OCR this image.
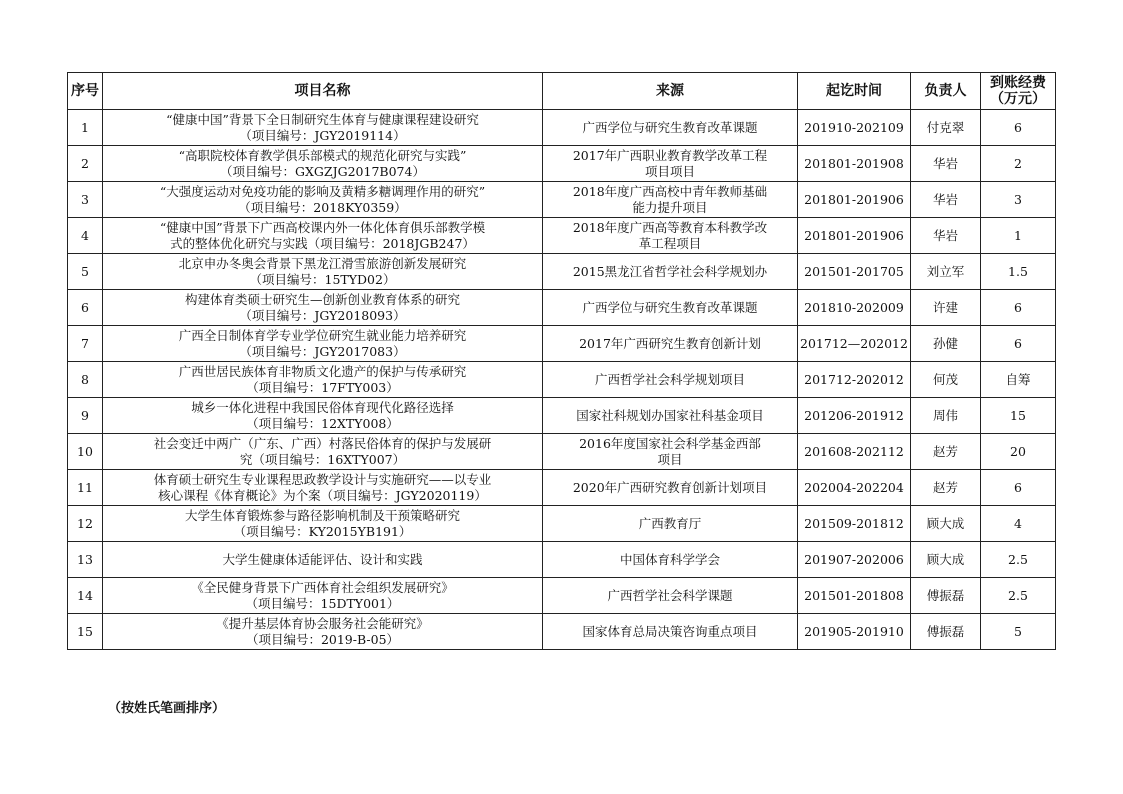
序号	项目名称	来源	起讫时间	负责人	到账经费
（万元）
1	“健康中国”背景下全日制研究生体育与健康课程建设研究
（项目编号：JGY2019114）	广西学位与研究生教育改革课题	201910-202109	付克翠	6
2	“高职院校体育教学俱乐部模式的规范化研究与实践”
（项目编号：GXGZJG2017B074）	2017年广西职业教育教学改革工程
项目项目	201801-201908	华岩	2
3	“大强度运动对免疫功能的影响及黄精多糖调理作用的研究”
（项目编号：2018KY0359）	2018年度广西高校中青年教师基础
能力提升项目	201801-201906	华岩	3
4	“健康中国”背景下广西高校课内外一体化体育俱乐部教学模
式的整体优化研究与实践（项目编号：2018JGB247）	2018年度广西高等教育本科教学改
革工程项目	201801-201906	华岩	1
5	北京申办冬奥会背景下黑龙江滑雪旅游创新发展研究
（项目编号：15TYD02）	2015黑龙江省哲学社会科学规划办	201501-201705	刘立军	1.5
6	构建体育类硕士研究生—创新创业教育体系的研究
（项目编号：JGY2018093）	广西学位与研究生教育改革课题	201810-202009	许建	6
7	广西全日制体育学专业学位研究生就业能力培养研究
（项目编号：JGY2017083）	2017年广西研究生教育创新计划	201712—202012	孙健	6
8	广西世居民族体育非物质文化遗产的保护与传承研究
（项目编号：17FTY003）	广西哲学社会科学规划项目	201712-202012	何茂	自筹
9	城乡一体化进程中我国民俗体育现代化路径选择
（项目编号：12XTY008）	国家社科规划办国家社科基金项目	201206-201912	周伟	15
10	社会变迁中两广（广东、广西）村落民俗体育的保护与发展研
究（项目编号：16XTY007）	2016年度国家社会科学基金西部
项目	201608-202112	赵芳	20
11	体育硕士研究生专业课程思政教学设计与实施研究——以专业
核心课程《体育概论》为个案（项目编号：JGY2020119）	2020年广西研究教育创新计划项目	202004-202204	赵芳	6
12	大学生体育锻炼参与路径影响机制及干预策略研究
（项目编号：KY2015YB191）	广西教育厅	201509-201812	顾大成	4
13	大学生健康体适能评估、设计和实践	中国体育科学学会	201907-202006	顾大成	2.5
14	《全民健身背景下广西体育社会组织发展研究》
（项目编号：15DTY001）	广西哲学社会科学课题	201501-201808	傅振磊	2.5
15	《提升基层体育协会服务社会能研究》
（项目编号：2019-B-05）	国家体育总局决策咨询重点项目	201905-201910	傅振磊	5
（按姓氏笔画排序）
